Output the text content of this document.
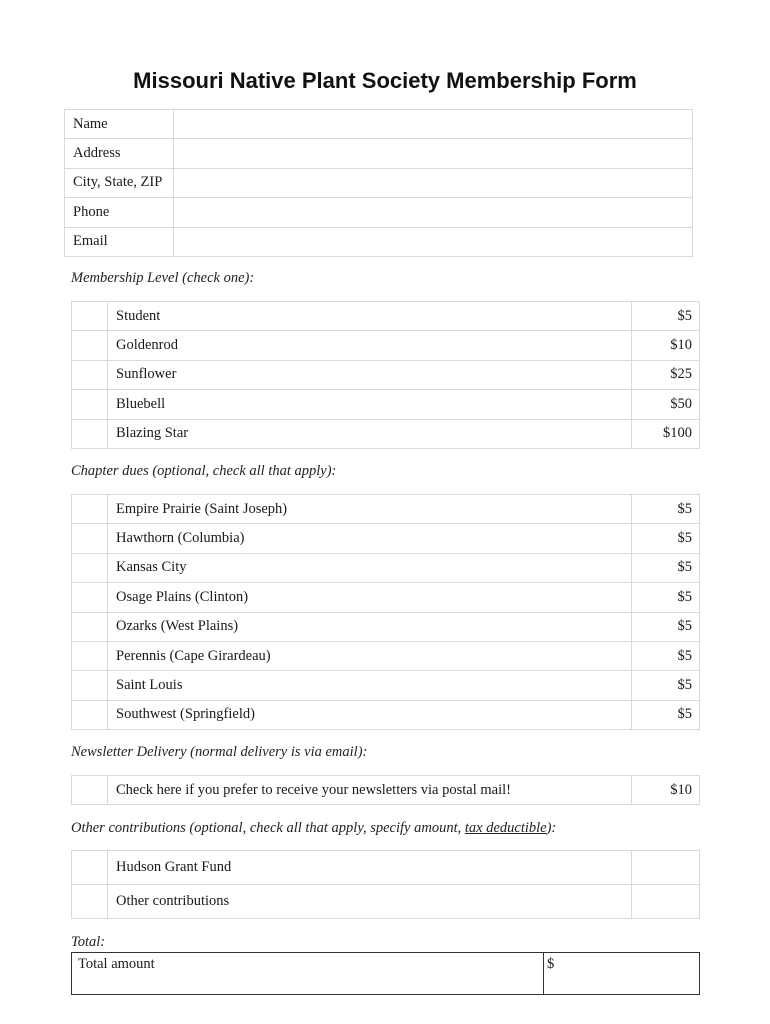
Missouri Native Plant Society Membership Form
Name	
Address	
City, State, ZIP	
Phone	
Email	
Membership Level (check one):
	Student	$5
	Goldenrod	$10
	Sunflower	$25
	Bluebell	$50
	Blazing Star	$100
Chapter dues (optional, check all that apply):
	Empire Prairie (Saint Joseph)	$5
	Hawthorn (Columbia)	$5
	Kansas City	$5
	Osage Plains (Clinton)	$5
	Ozarks (West Plains)	$5
	Perennis (Cape Girardeau)	$5
	Saint Louis	$5
	Southwest (Springfield)	$5
Newsletter Delivery (normal delivery is via email):
	Check here if you prefer to receive your newsletters via postal mail!	$10
Other contributions (optional, check all that apply, specify amount, tax deductible):
	Hudson Grant Fund	
	Other contributions	
Total:
Total amount	$
